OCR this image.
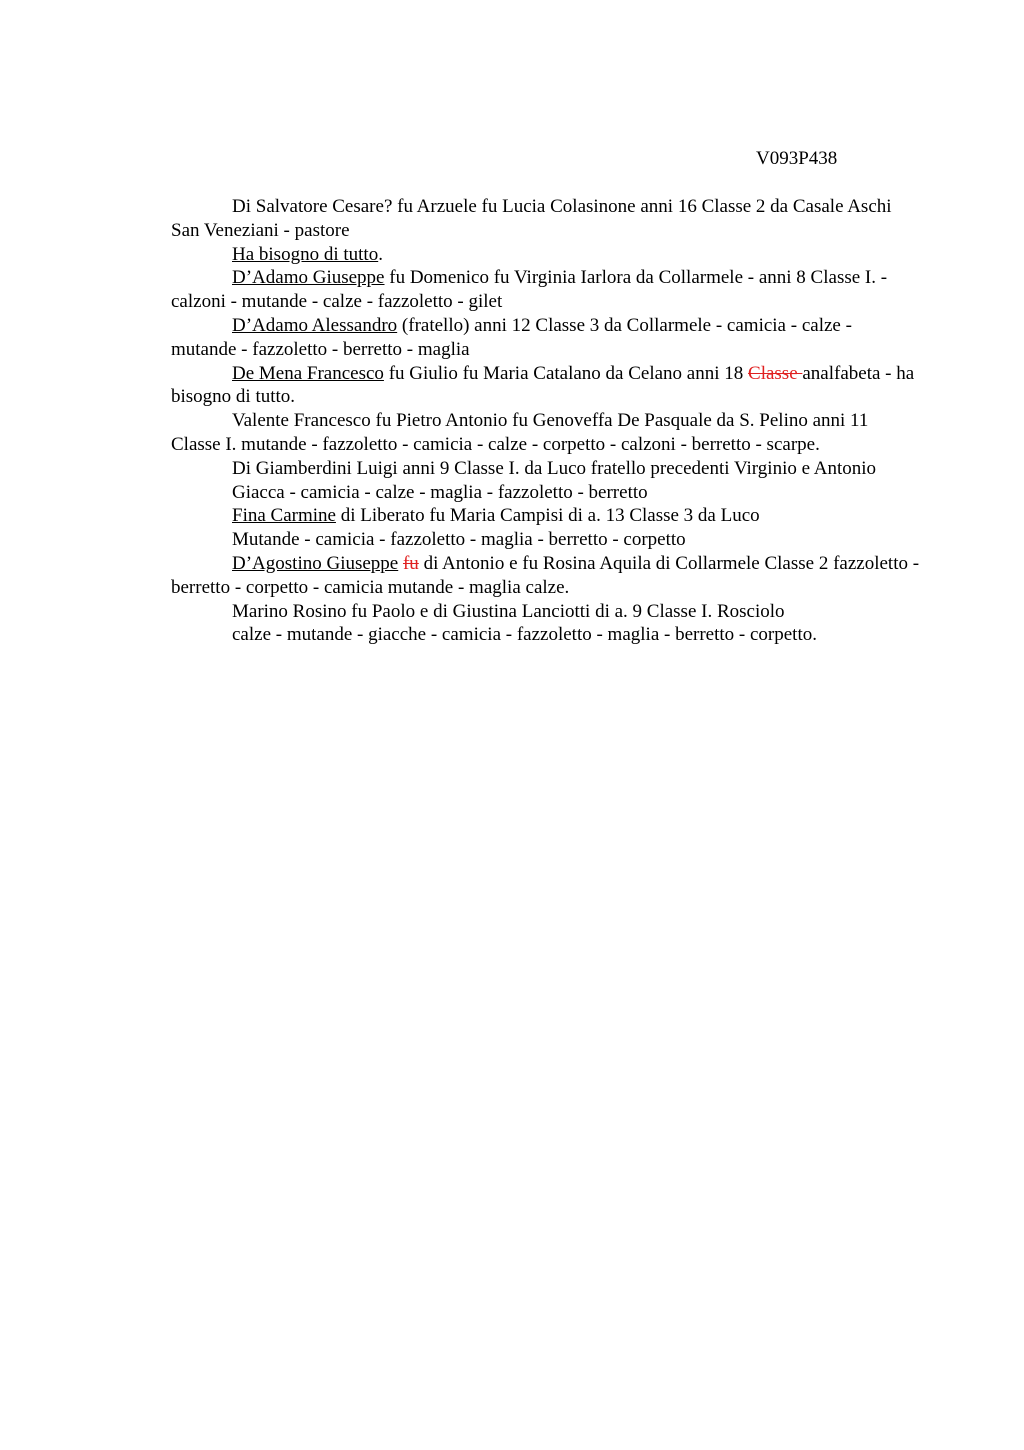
V093P438

Di Salvatore Cesare? fu Arzuele fu Lucia Colasinone anni 16 Classe 2 da Casale Aschi San Veneziani - pastore

Ha bisogno di tutto.

D’Adamo Giuseppe fu Domenico fu Virginia Iarlora da Collarmele - anni 8 Classe I. - calzoni - mutande - calze - fazzoletto - gilet

D’Adamo Alessandro (fratello) anni 12 Classe 3 da Collarmele - camicia - calze - mutande - fazzoletto - berretto - maglia

De Mena Francesco fu Giulio fu Maria Catalano da Celano anni 18 Classe analfabeta - ha bisogno di tutto.

Valente Francesco fu Pietro Antonio fu Genoveffa De Pasquale da S. Pelino anni 11 Classe I. mutande - fazzoletto - camicia - calze - corpetto - calzoni - berretto - scarpe.

Di Giamberdini Luigi anni 9 Classe I. da Luco fratello precedenti Virginio e Antonio

Giacca - camicia - calze - maglia - fazzoletto - berretto

Fina Carmine di Liberato fu Maria Campisi di a. 13 Classe 3 da Luco

Mutande - camicia - fazzoletto - maglia - berretto - corpetto

D’Agostino Giuseppe fu di Antonio e fu Rosina Aquila di Collarmele Classe 2 fazzoletto - berretto - corpetto - camicia mutande - maglia calze.

Marino Rosino fu Paolo e di Giustina Lanciotti di a. 9 Classe I. Rosciolo

calze - mutande - giacche - camicia - fazzoletto - maglia - berretto - corpetto.
